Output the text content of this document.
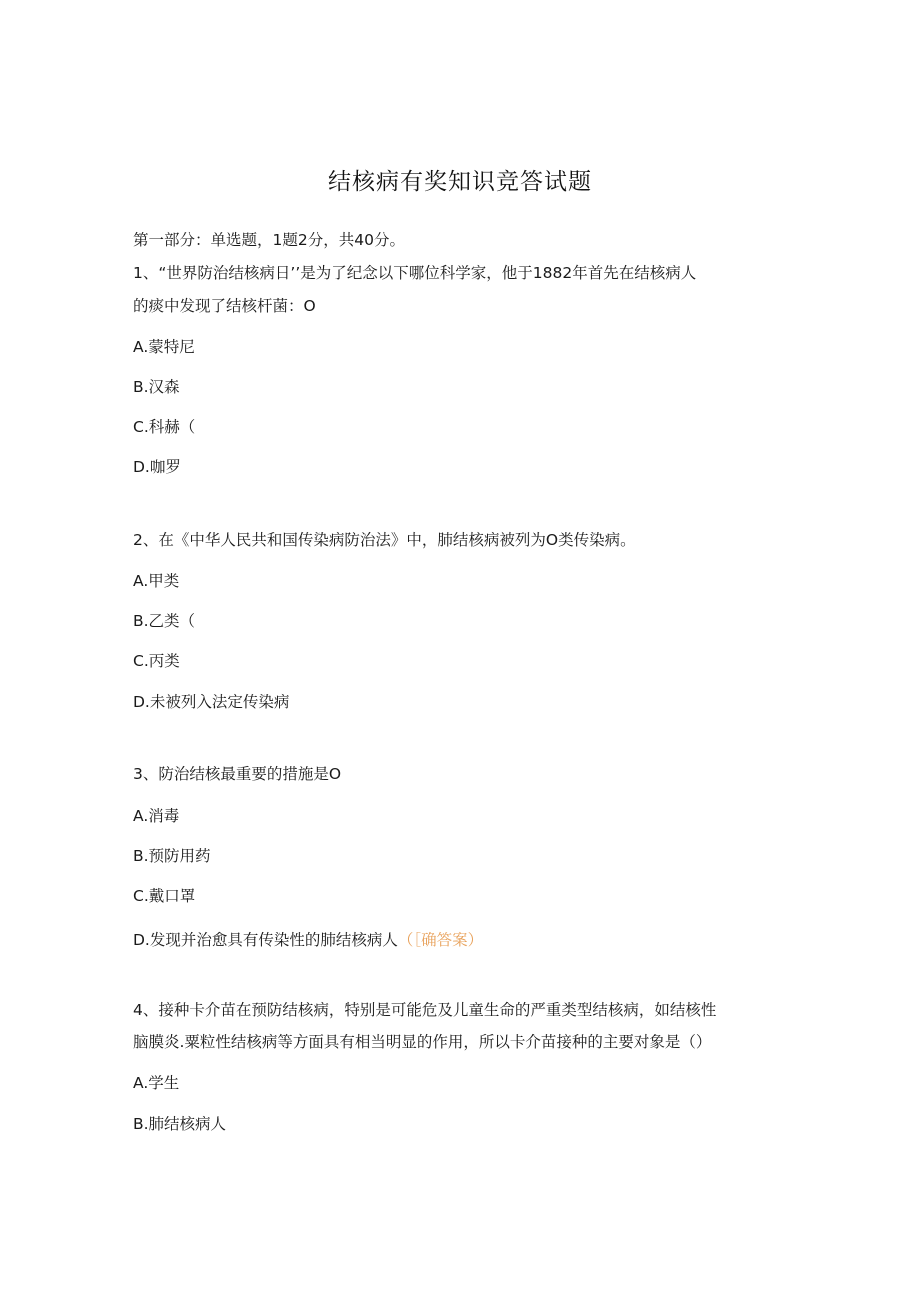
结核病有奖知识竞答试题
第一部分：单选题，1题2分，共40分。
1、“世界防治结核病日’’是为了纪念以下哪位科学家，他于1882年首先在结核病人
的痰中发现了结核杆菌：O
A.蒙特尼
B.汉森
C.科赫（
D.咖罗
2、在《中华人民共和国传染病防治法》中，肺结核病被列为O类传染病。
A.甲类
B.乙类（
C.丙类
D.未被列入法定传染病
3、防治结核最重要的措施是O
A.消毒
B.预防用药
C.戴口罩
D.发现并治愈具有传染性的肺结核病人（［确答案）
4、接种卡介苗在预防结核病，特别是可能危及儿童生命的严重类型结核病，如结核性
脑膜炎.粟粒性结核病等方面具有相当明显的作用，所以卡介苗接种的主要对象是（）
A.学生
B.肺结核病人
